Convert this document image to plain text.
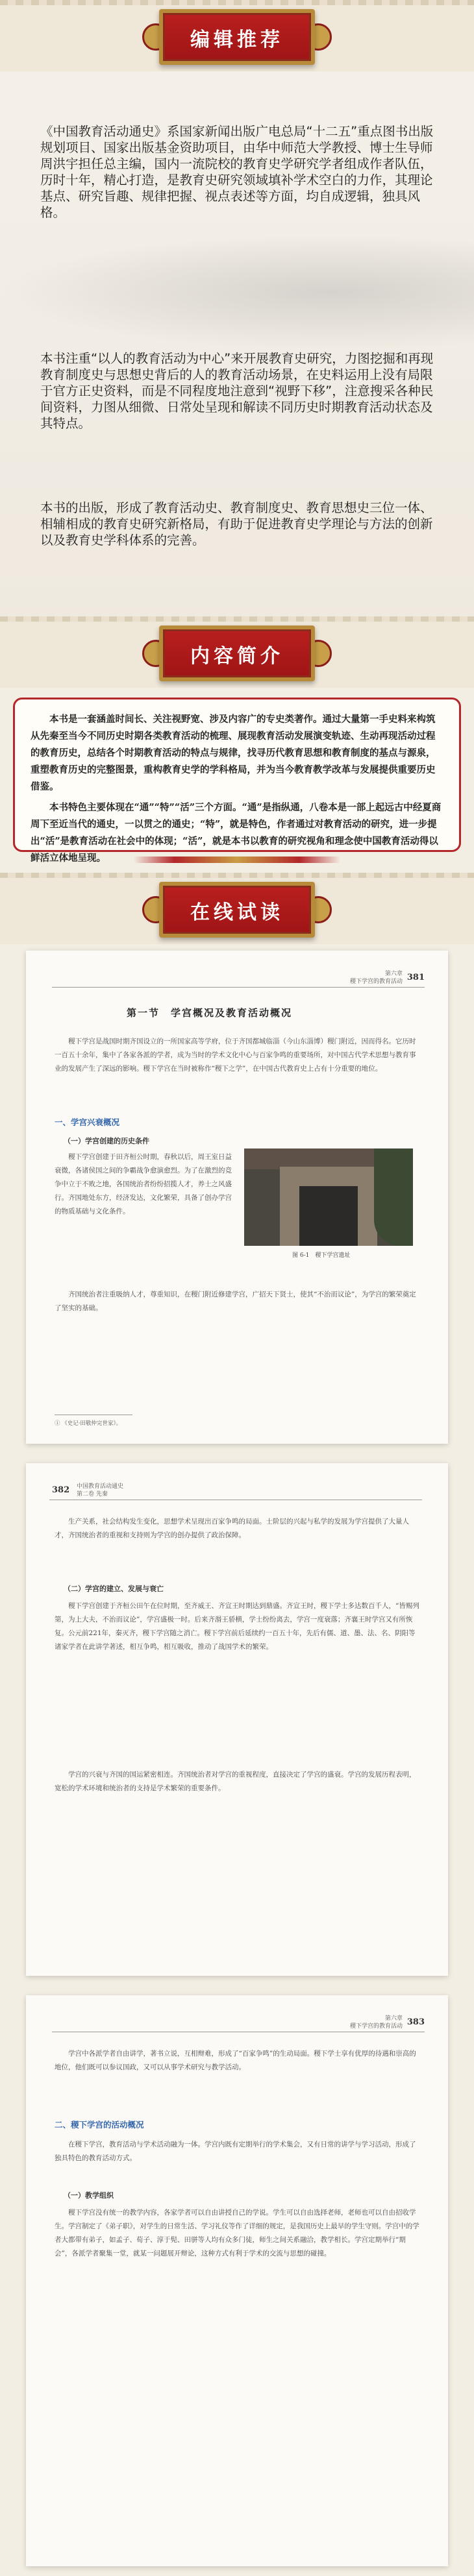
编辑推荐
《中国教育活动通史》系国家新闻出版广电总局“十二五”重点图书出版规划项目、国家出版基金资助项目，由华中师范大学教授、博士生导师周洪宇担任总主编，国内一流院校的教育史学研究学者组成作者队伍，历时十年，精心打造，是教育史研究领域填补学术空白的力作，其理论基点、研究旨趣、规律把握、视点表述等方面，均自成逻辑，独具风格。
本书注重“以人的教育活动为中心”来开展教育史研究，力图挖掘和再现教育制度史与思想史背后的人的教育活动场景，在史料运用上没有局限于官方正史资料，而是不同程度地注意到“视野下移”，注意搜采各种民间资料，力图从细微、日常处呈现和解读不同历史时期教育活动状态及其特点。
本书的出版，形成了教育活动史、教育制度史、教育思想史三位一体、相辅相成的教育史研究新格局，有助于促进教育史学理论与方法的创新以及教育史学科体系的完善。
内容简介

本书是一套涵盖时间长、关注视野宽、涉及内容广的专史类著作。通过大量第一手史料来构筑从先秦至当今不同历史时期各类教育活动的梳理、展现教育活动发展演变轨迹、生动再现活动过程的教育历史，总结各个时期教育活动的特点与规律，找寻历代教育思想和教育制度的基点与源泉，重塑教育历史的完整图景，重构教育史学的学科格局，并为当今教育教学改革与发展提供重要历史借鉴。

本书特色主要体现在“通”“特”“活”三个方面。“通”是指纵通，八卷本是一部上起远古中经夏商周下至近当代的通史，一以贯之的通史；“特”，就是特色，作者通过对教育活动的研究，进一步提出“活”是教育活动在社会中的体现；“活”，就是本书以教育的研究视角和理念使中国教育活动得以鲜活立体地呈现。

在线试读
第六章
稷下学宫的教育活动 381
第一节　学宫概况及教育活动概况

稷下学宫是战国时期齐国设立的一所国家高等学府，位于齐国都城临淄（今山东淄博）稷门附近，因而得名。它历时一百五十余年，集中了各家各派的学者，成为当时的学术文化中心与百家争鸣的重要场所，对中国古代学术思想与教育事业的发展产生了深远的影响。稷下学宫在当时被称作“稷下之学”，在中国古代教育史上占有十分重要的地位。

一、学宫兴衰概况
（一）学宫创建的历史条件

稷下学宫创建于田齐桓公时期，春秋以后，周王室日益衰微，各诸侯国之间的争霸战争愈演愈烈。为了在激烈的竞争中立于不败之地，各国统治者纷纷招揽人才，养士之风盛行。齐国地处东方，经济发达，文化繁荣，具备了创办学宫的物质基础与文化条件。

图 6-1　稷下学宫遗址

齐国统治者注重吸纳人才，尊重知识，在稷门附近修建学宫，广招天下贤士，使其“不治而议论”，为学宫的繁荣奠定了坚实的基础。

① 《史记·田敬仲完世家》。
382 中国教育活动通史
第二卷 先秦

生产关系，社会结构发生变化，思想学术呈现出百家争鸣的局面。士阶层的兴起与私学的发展为学宫提供了大量人才，齐国统治者的重视和支持则为学宫的创办提供了政治保障。

（二）学宫的建立、发展与衰亡

稷下学宫创建于齐桓公田午在位时期，至齐威王、齐宣王时期达到鼎盛。齐宣王时，稷下学士多达数百千人，“皆赐列第，为上大夫，不治而议论”，学宫盛极一时。后来齐湣王骄横，学士纷纷离去，学宫一度衰落；齐襄王时学宫又有所恢复。公元前221年，秦灭齐，稷下学宫随之消亡。稷下学宫前后延续约一百五十年，先后有儒、道、墨、法、名、阴阳等诸家学者在此讲学著述，相互争鸣，相互吸收，推动了战国学术的繁荣。

学宫的兴衰与齐国的国运紧密相连。齐国统治者对学宫的重视程度，直接决定了学宫的盛衰。学宫的发展历程表明，宽松的学术环境和统治者的支持是学术繁荣的重要条件。

第六章
稷下学宫的教育活动 383

学宫中各派学者自由讲学，著书立说，互相辩难，形成了“百家争鸣”的生动局面。稷下学士享有优厚的待遇和崇高的地位，他们既可以参议国政，又可以从事学术研究与教学活动。

二、稷下学宫的活动概况

在稷下学宫，教育活动与学术活动融为一体。学宫内既有定期举行的学术集会，又有日常的讲学与学习活动，形成了独具特色的教育活动方式。

（一）教学组织

稷下学宫没有统一的教学内容，各家学者可以自由讲授自己的学说。学生可以自由选择老师，老师也可以自由招收学生。学宫制定了《弟子职》，对学生的日常生活、学习礼仪等作了详细的规定，是我国历史上最早的学生守则。学宫中的学者大都带有弟子，如孟子、荀子、淳于髡、田骈等人均有众多门徒，师生之间关系融洽，教学相长。学宫定期举行“期会”，各派学者聚集一堂，就某一问题展开辩论，这种方式有利于学术的交流与思想的碰撞。
